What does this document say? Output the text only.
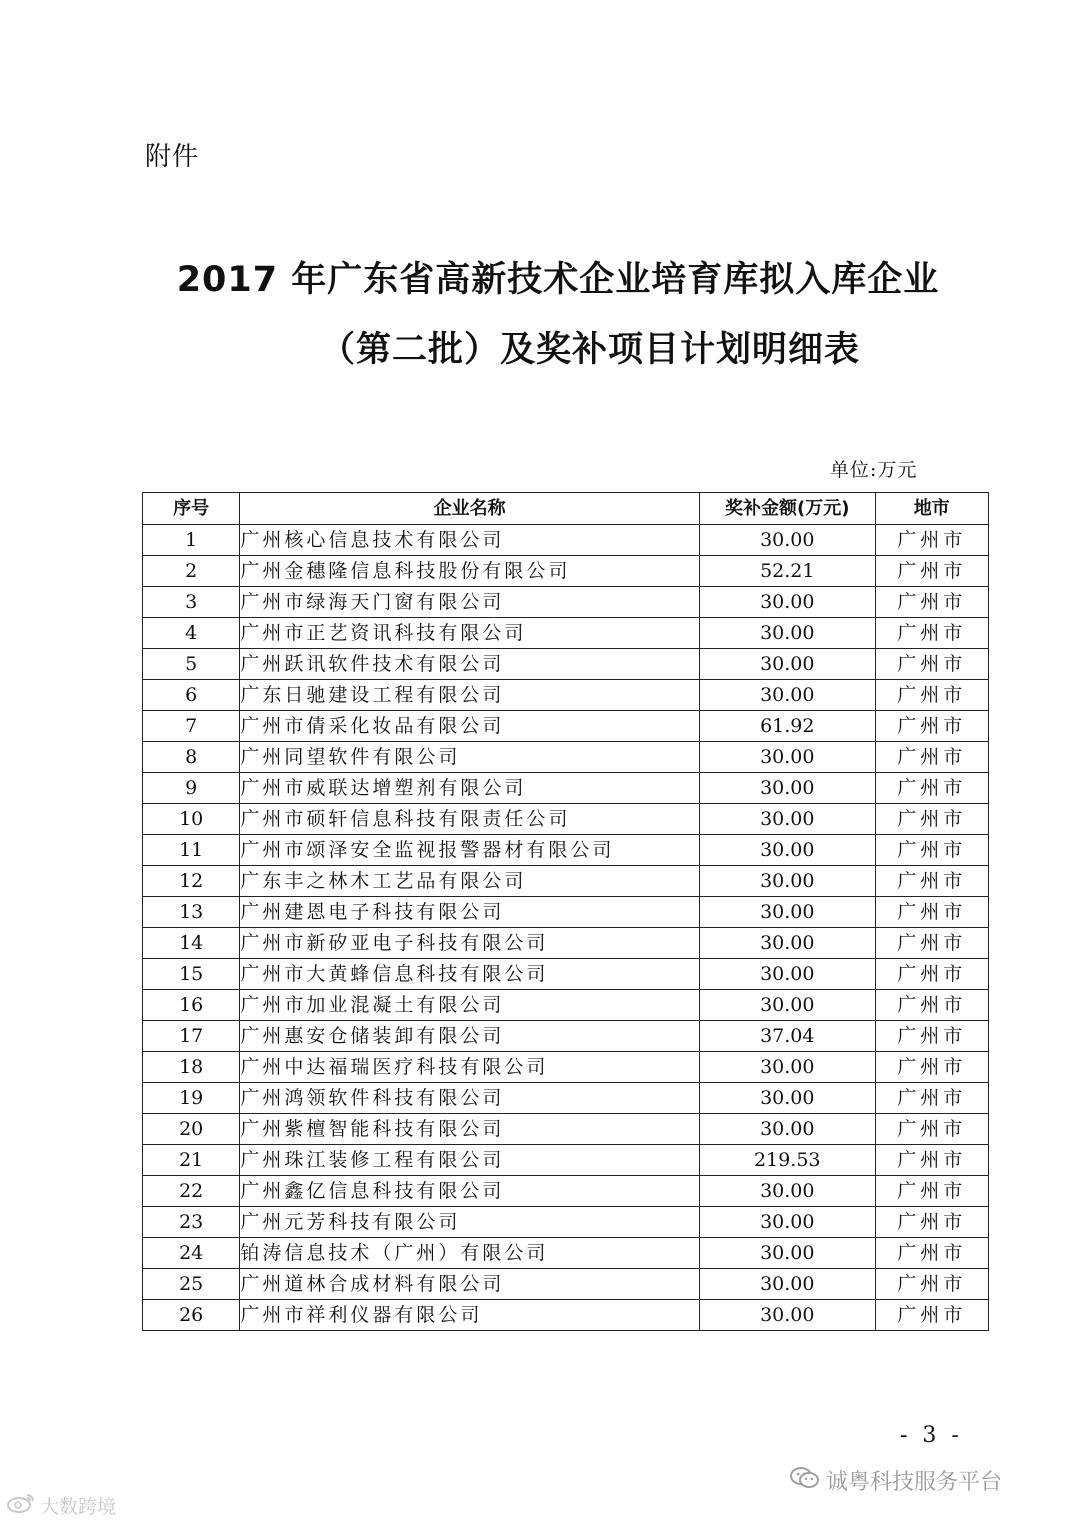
附件
2017 年广东省高新技术企业培育库拟入库企业
（第二批）及奖补项目计划明细表
单位:万元
序号	企业名称	奖补金额(万元)	地市
1	广州核心信息技术有限公司	30.00	广州市
2	广州金穗隆信息科技股份有限公司	52.21	广州市
3	广州市绿海天门窗有限公司	30.00	广州市
4	广州市正艺资讯科技有限公司	30.00	广州市
5	广州跃讯软件技术有限公司	30.00	广州市
6	广东日驰建设工程有限公司	30.00	广州市
7	广州市倩采化妆品有限公司	61.92	广州市
8	广州同望软件有限公司	30.00	广州市
9	广州市威联达增塑剂有限公司	30.00	广州市
10	广州市硕轩信息科技有限责任公司	30.00	广州市
11	广州市颂泽安全监视报警器材有限公司	30.00	广州市
12	广东丰之林木工艺品有限公司	30.00	广州市
13	广州建恩电子科技有限公司	30.00	广州市
14	广州市新矽亚电子科技有限公司	30.00	广州市
15	广州市大黄蜂信息科技有限公司	30.00	广州市
16	广州市加业混凝土有限公司	30.00	广州市
17	广州惠安仓储装卸有限公司	37.04	广州市
18	广州中达福瑞医疗科技有限公司	30.00	广州市
19	广州鸿领软件科技有限公司	30.00	广州市
20	广州紫檀智能科技有限公司	30.00	广州市
21	广州珠江装修工程有限公司	219.53	广州市
22	广州鑫亿信息科技有限公司	30.00	广州市
23	广州元芳科技有限公司	30.00	广州市
24	铂涛信息技术（广州）有限公司	30.00	广州市
25	广州道林合成材料有限公司	30.00	广州市
26	广州市祥利仪器有限公司	30.00	广州市
- 3 -
诚粤科技服务平台
大数跨境
